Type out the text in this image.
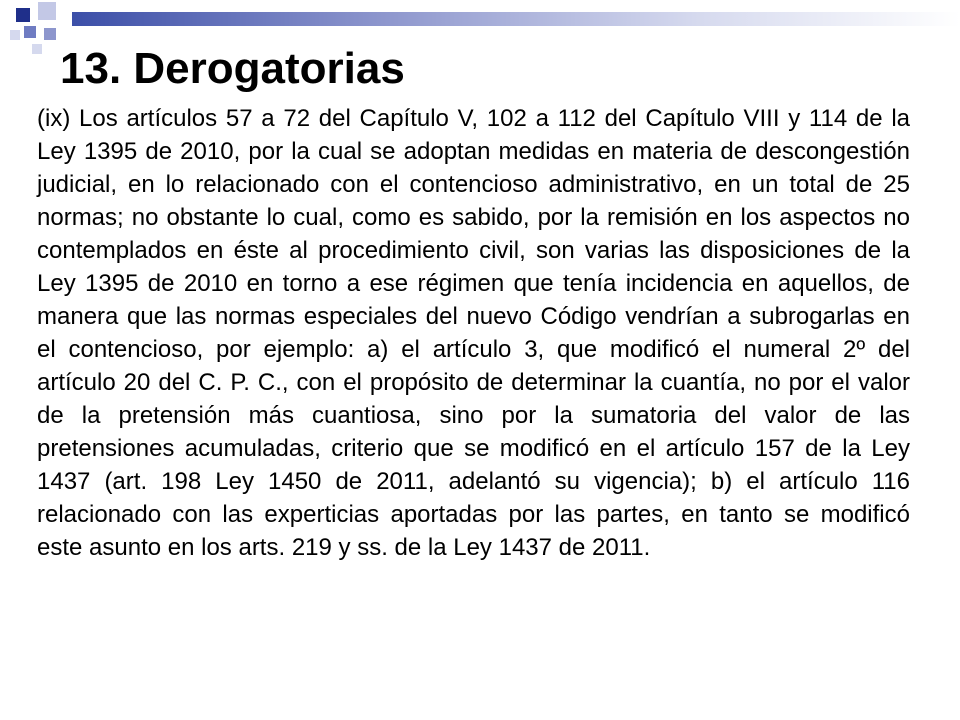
13. Derogatorias

(ix) Los artículos 57 a 72 del Capítulo V, 102 a 112 del Capítulo VIII y 114 de la Ley 1395 de 2010, por la cual se adoptan medidas en materia de descongestión judicial, en lo relacionado con el contencioso administrativo, en un total de 25 normas; no obstante lo cual, como es sabido, por la remisión en los aspectos no contemplados en éste al procedimiento civil, son varias las disposiciones de la Ley 1395 de 2010 en torno a ese régimen que tenía incidencia en aquellos, de manera que las normas especiales del nuevo Código vendrían a subrogarlas en el contencioso, por ejemplo: a) el artículo 3, que modificó el numeral 2º del artículo 20 del C. P. C., con el propósito de determinar la cuantía, no por el valor de la pretensión más cuantiosa, sino por la sumatoria del valor de las pretensiones acumuladas, criterio que se modificó en el artículo 157 de la Ley 1437 (art. 198 Ley 1450 de 2011, adelantó su vigencia); b) el artículo 116 relacionado con las experticias aportadas por las partes, en tanto se modificó este asunto en los arts. 219 y ss. de la Ley 1437 de 2011.
